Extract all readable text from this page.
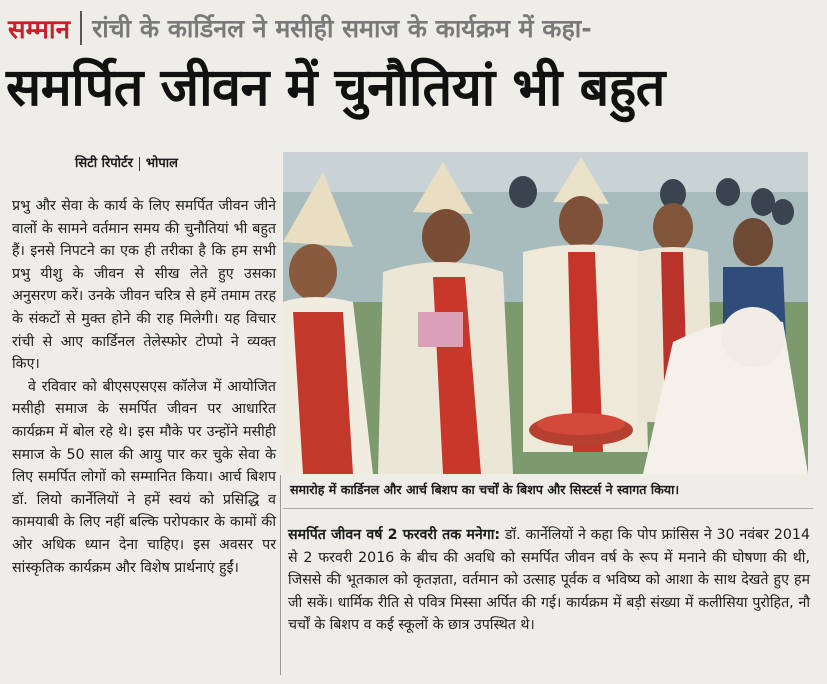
सम्मान रांची के कार्डिनल ने मसीही समाज के कार्यक्रम में कहा-
समर्पित जीवन में चुनौतियां भी बहुत
सिटी रिपोर्टर भोपाल

प्रभु और सेवा के कार्य के लिए समर्पित जीवन जीने वालों के सामने वर्तमान समय की चुनौतियां भी बहुत हैं। इनसे निपटने का एक ही तरीका है कि हम सभी प्रभु यीशु के जीवन से सीख लेते हुए उसका अनुसरण करें। उनके जीवन चरित्र से हमें तमाम तरह के संकटों से मुक्त होने की राह मिलेगी। यह विचार रांची से आए कार्डिनल तेलेस्फोर टोप्पो ने व्यक्त किए।

वे रविवार को बीएसएसएस कॉलेज में आयोजित मसीही समाज के समर्पित जीवन पर आधारित कार्यक्रम में बोल रहे थे। इस मौके पर उन्होंने मसीही समाज के 50 साल की आयु पार कर चुके सेवा के लिए समर्पित लोगों को सम्मानित किया। आर्च बिशप डॉ. लियो कार्नेलियों ने हमें स्वयं को प्रसिद्धि व कामयाबी के लिए नहीं बल्कि परोपकार के कामों की ओर अधिक ध्यान देना चाहिए। इस अवसर पर सांस्कृतिक कार्यक्रम और विशेष प्रार्थनाएं हुईं।

समारोह में कार्डिनल और आर्च बिशप का चर्चों के बिशप और सिस्टर्स ने स्वागत किया।
समर्पित जीवन वर्ष 2 फरवरी तक मनेगा: डॉ. कार्नेलियों ने कहा कि पोप फ्रांसिस ने 30 नवंबर 2014 से 2 फरवरी 2016 के बीच की अवधि को समर्पित जीवन वर्ष के रूप में मनाने की घोषणा की थी, जिससे की भूतकाल को कृतज्ञता, वर्तमान को उत्साह पूर्वक व भविष्य को आशा के साथ देखते हुए हम जी सकें। धार्मिक रीति से पवित्र मिस्सा अर्पित की गई। कार्यक्रम में बड़ी संख्या में कलीसिया पुरोहित, नौ चर्चों के बिशप व कई स्कूलों के छात्र उपस्थित थे।
